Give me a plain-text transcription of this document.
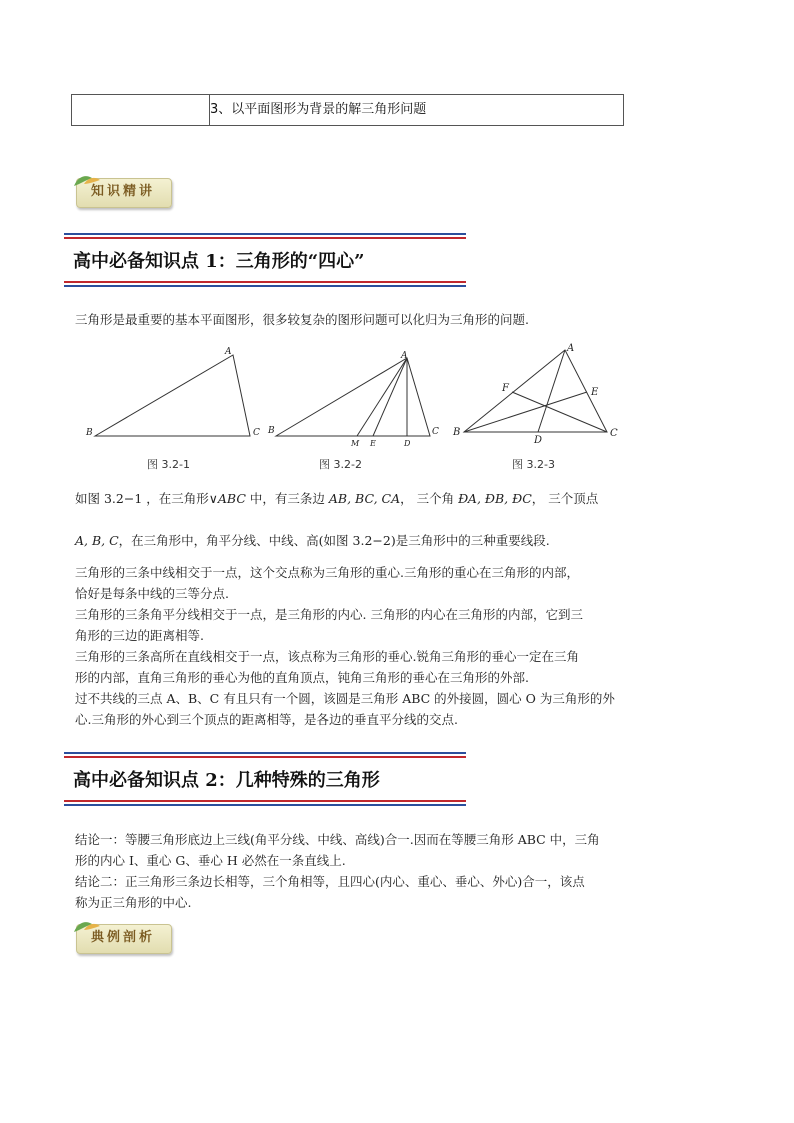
3、以平面图形为背景的解三角形问题
知识精讲
高中必备知识点 1：三角形的“四心”
三角形是最重要的基本平面图形，很多较复杂的图形问题可以化归为三角形的问题.
A
B	C
A
B
M E	D
C
A
F	E
B
D
C
图 3.2-1	图 3.2-2	图 3.2-3
如图 3.2−1 ，在三角形∨ABC 中，有三条边 AB, BC, CA， 三个角 ÐA, ÐB, ÐC， 三个顶点
A, B, C，在三角形中，角平分线、中线、高(如图 3.2−2)是三角形中的三种重要线段.
三角形的三条中线相交于一点，这个交点称为三角形的重心.三角形的重心在三角形的内部，
恰好是每条中线的三等分点.
三角形的三条角平分线相交于一点，是三角形的内心. 三角形的内心在三角形的内部，它到三
角形的三边的距离相等.
三角形的三条高所在直线相交于一点，该点称为三角形的垂心.锐角三角形的垂心一定在三角
形的内部，直角三角形的垂心为他的直角顶点，钝角三角形的垂心在三角形的外部.
过不共线的三点 A、B、C 有且只有一个圆，该圆是三角形 ABC 的外接圆，圆心 O 为三角形的外
心.三角形的外心到三个顶点的距离相等，是各边的垂直平分线的交点.
高中必备知识点 2：几种特殊的三角形
结论一：等腰三角形底边上三线(角平分线、中线、高线)合一.因而在等腰三角形 ABC 中，三角
形的内心 I、重心 G、垂心 H 必然在一条直线上.
结论二：正三角形三条边长相等，三个角相等，且四心(内心、重心、垂心、外心)合一，该点
称为正三角形的中心.
典例剖析
